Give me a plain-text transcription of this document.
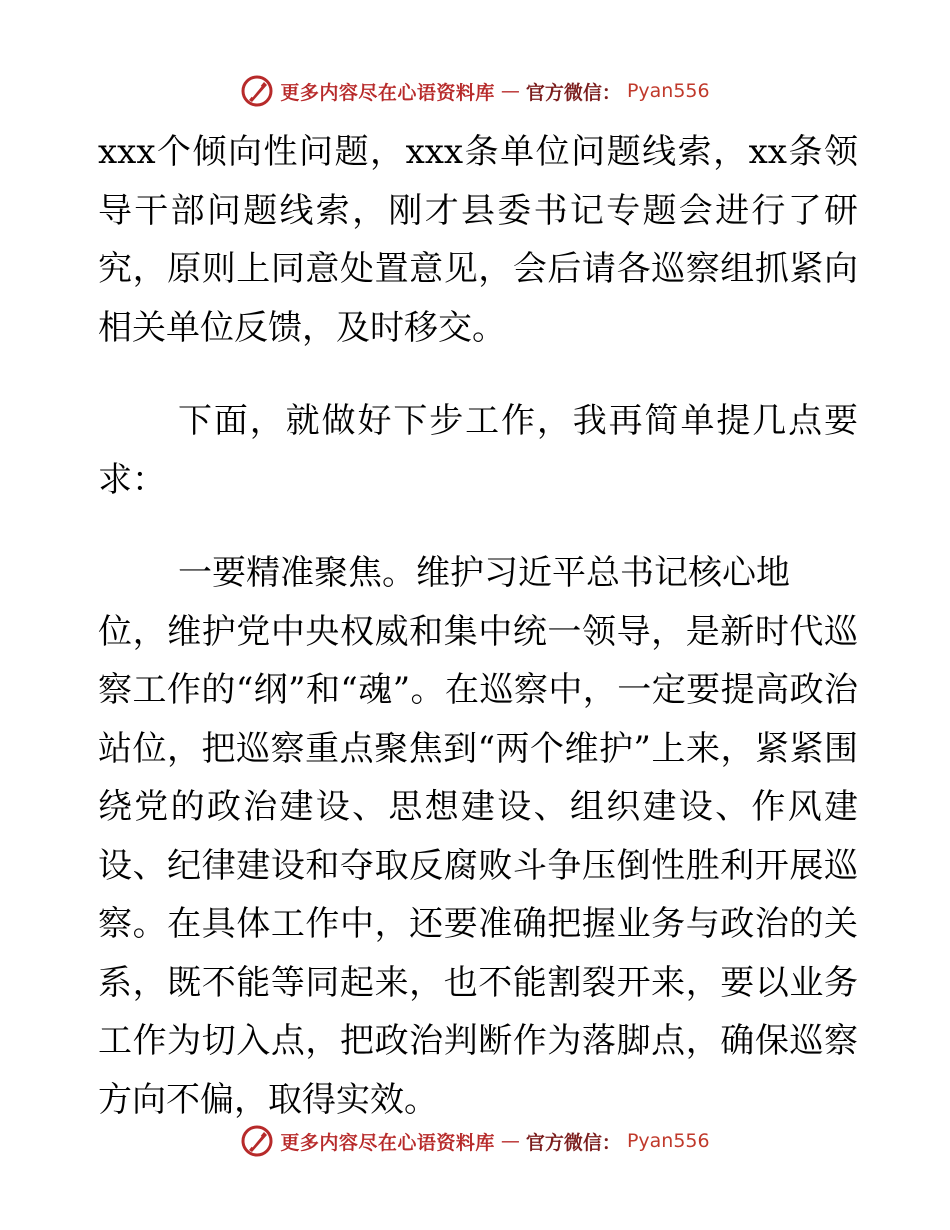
更多内容尽在心语资料库 — 官方微信： Pyan556

xxx个倾向性问题，xxx条单位问题线索，xx条领导干部问题线索，刚才县委书记专题会进行了研究，原则上同意处置意见，会后请各巡察组抓紧向相关单位反馈，及时移交。

下面，就做好下步工作，我再简单提几点要求：

一要精准聚焦。维护习近平总书记核心地

位，维护党中央权威和集中统一领导，是新时代巡察工作的“纲”和“魂”。在巡察中，一定要提高政治站位，把巡察重点聚焦到“两个维护”上来，紧紧围绕党的政治建设、思想建设、组织建设、作风建设、纪律建设和夺取反腐败斗争压倒性胜利开展巡察。在具体工作中，还要准确把握业务与政治的关系，既不能等同起来，也不能割裂开来，要以业务工作为切入点，把政治判断作为落脚点，确保巡察方向不偏，取得实效。

更多内容尽在心语资料库 — 官方微信： Pyan556
